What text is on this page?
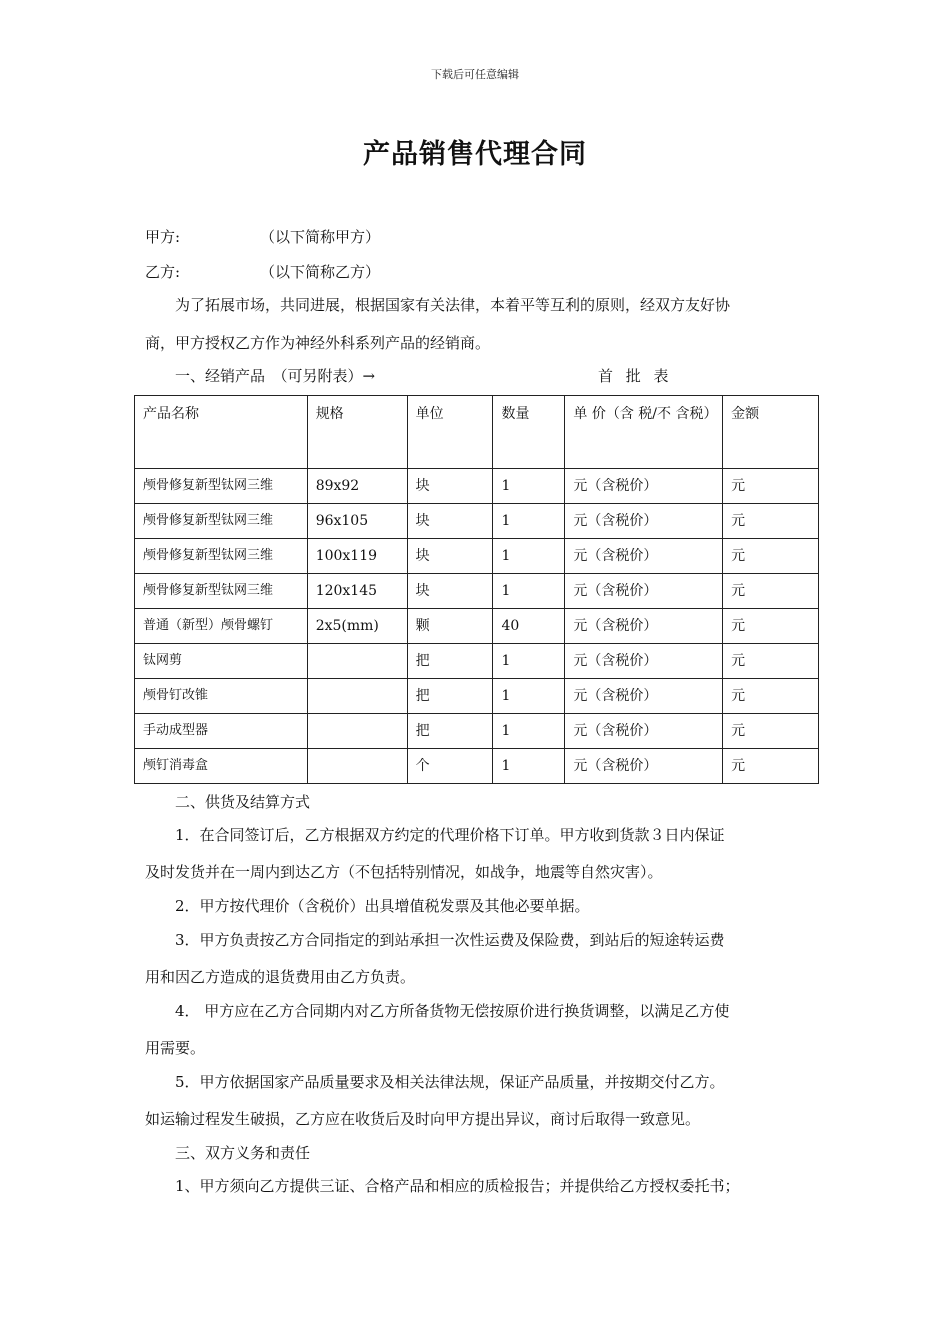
下载后可任意编辑
产品销售代理合同
甲方:	（以下简称甲方）
乙方:	（以下简称乙方）
为了拓展市场，共同进展，根据国家有关法律，本着平等互利的原则，经双方友好协
商，甲方授权乙方作为神经外科系列产品的经销商。
一、经销产品　（可另附表）→	首 批 表
产品名称	规格	单位	数量	单 价（含 税/不 含税）	金额
颅骨修复新型钛网三维	89x92	块	1	元（含税价）	元
颅骨修复新型钛网三维	96x105	块	1	元（含税价）	元
颅骨修复新型钛网三维	100x119	块	1	元（含税价）	元
颅骨修复新型钛网三维	120x145	块	1	元（含税价）	元
普通（新型）颅骨螺钉	2x5(mm)	颗	40	元（含税价）	元
钛网剪		把	1	元（含税价）	元
颅骨钉改锥		把	1	元（含税价）	元
手动成型器		把	1	元（含税价）	元
颅钉消毒盒		个	1	元（含税价）	元
二、供货及结算方式
1．在合同签订后，乙方根据双方约定的代理价格下订单。甲方收到货款３日内保证
及时发货并在一周内到达乙方（不包括特别情况，如战争，地震等自然灾害）。
2．甲方按代理价（含税价）出具增值税发票及其他必要单据。
3．甲方负责按乙方合同指定的到站承担一次性运费及保险费，到站后的短途转运费
用和因乙方造成的退货费用由乙方负责。
4． 甲方应在乙方合同期内对乙方所备货物无偿按原价进行换货调整，以满足乙方使
用需要。
5．甲方依据国家产品质量要求及相关法律法规，保证产品质量，并按期交付乙方。
如运输过程发生破损，乙方应在收货后及时向甲方提出异议，商讨后取得一致意见。
三、双方义务和责任
1、甲方须向乙方提供三证、合格产品和相应的质检报告；并提供给乙方授权委托书；
